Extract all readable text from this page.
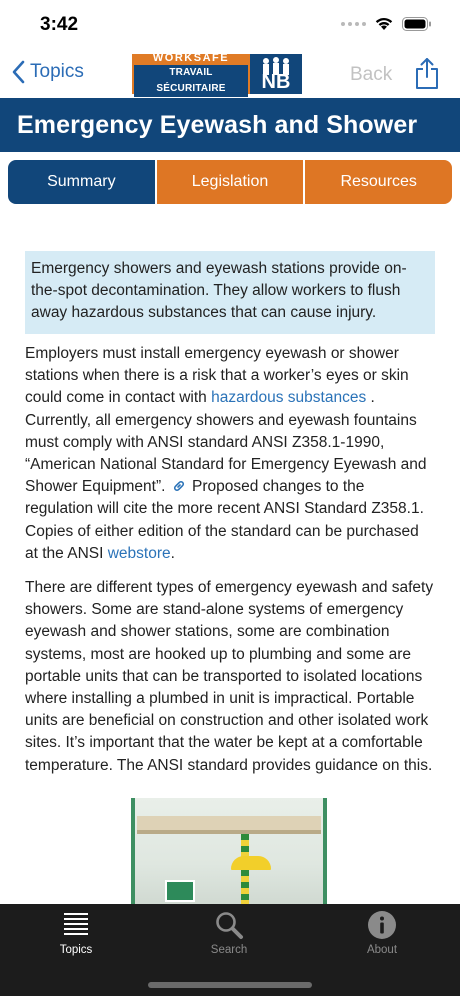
3:42
Topics
WORKSAFE
TRAVAIL SÉCURITAIRE	NB	Back
Emergency Eyewash and Shower
Summary	Legislation	Resources
Emergency showers and eyewash stations provide on-the-spot decontamination. They allow workers to flush away hazardous substances that can cause injury.

Employers must install emergency eyewash or shower stations when there is a risk that a worker’s eyes or skin could come in contact with hazardous substances . Currently, all emergency showers and eyewash fountains must comply with ANSI standard ANSI Z358.1-1990, “American National Standard for Emergency Eyewash and Shower Equipment”.  Proposed changes to the regulation will cite the more recent ANSI Standard Z358.1. Copies of either edition of the standard can be purchased at the ANSI webstore.

There are different types of emergency eyewash and safety showers. Some are stand-alone systems of emergency eyewash and shower stations, some are combination systems, most are hooked up to plumbing and some are portable units that can be transported to isolated locations where installing a plumbed in unit is impractical. Portable units are beneficial on construction and other isolated work sites. It’s important that the water be kept at a comfortable temperature. The ANSI standard provides guidance on this.

Topics	Search	About
